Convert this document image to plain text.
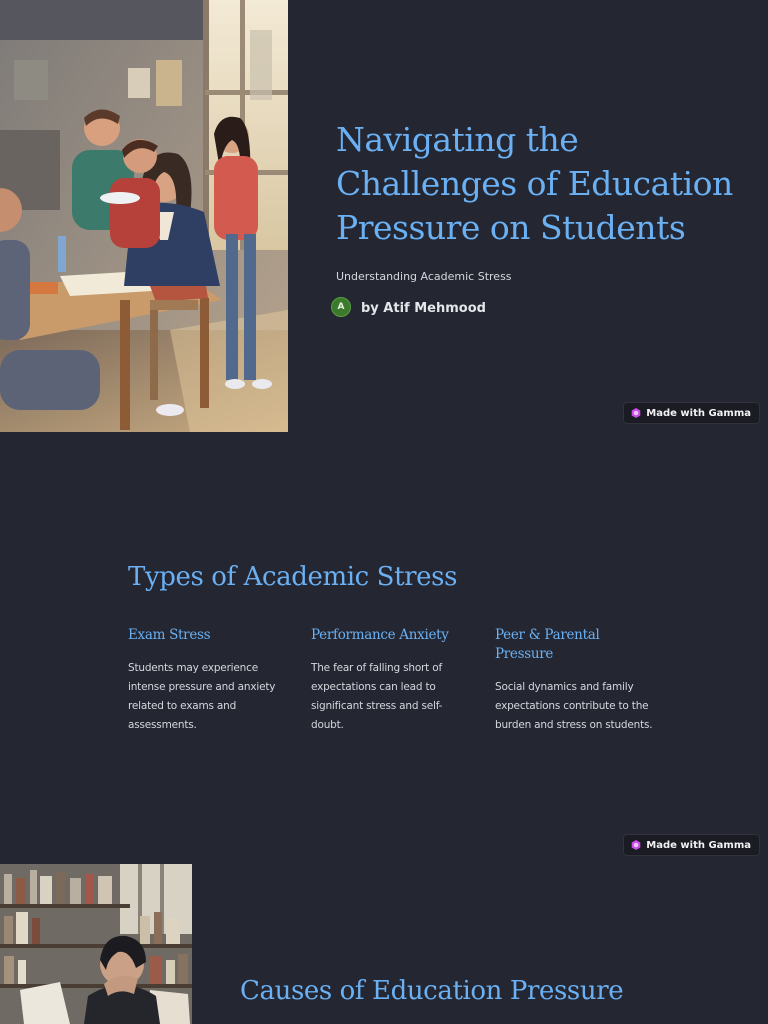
Navigating the Challenges of Education Pressure on Students

Understanding Academic Stress

A	by Atif Mehmood
Made with Gamma
Types of Academic Stress
Exam Stress

Students may experience intense pressure and anxiety related to exams and assessments.

Performance Anxiety

The fear of falling short of expectations can lead to significant stress and self-doubt.

Peer & Parental Pressure

Social dynamics and family expectations contribute to the burden and stress on students.

Made with Gamma
Causes of Education Pressure
